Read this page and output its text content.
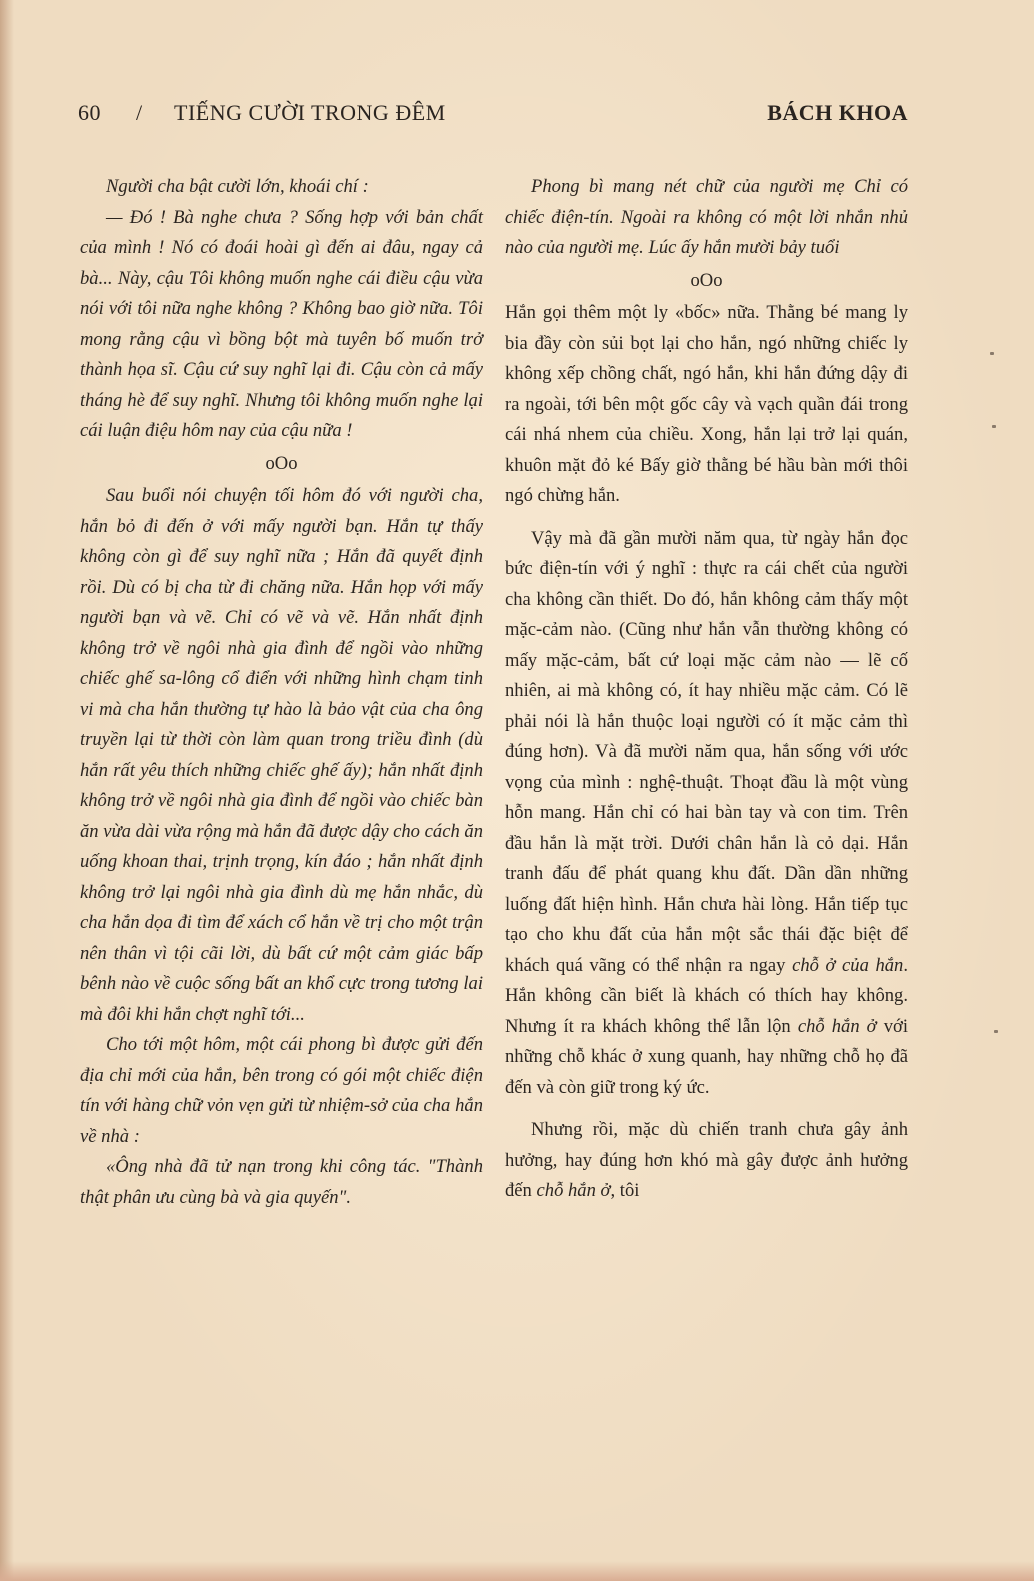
60 / TIẾNG CƯỜI TRONG ĐÊM	BÁCH KHOA

Người cha bật cười lớn, khoái chí :

— Đó ! Bà nghe chưa ? Sống hợp với bản chất của mình ! Nó có đoái hoài gì đến ai đâu, ngay cả bà... Này, cậu Tôi không muốn nghe cái điều cậu vừa nói với tôi nữa nghe không ? Không bao giờ nữa. Tôi mong rằng cậu vì bồng bột mà tuyên bố muốn trở thành họa sĩ. Cậu cứ suy nghĩ lại đi. Cậu còn cả mấy tháng hè để suy nghĩ. Nhưng tôi không muốn nghe lại cái luận điệu hôm nay của cậu nữa !

oOo

Sau buổi nói chuyện tối hôm đó với người cha, hắn bỏ đi đến ở với mấy người bạn. Hắn tự thấy không còn gì để suy nghĩ nữa ; Hắn đã quyết định rồi. Dù có bị cha từ đi chăng nữa. Hắn họp với mấy người bạn và vẽ. Chỉ có vẽ và vẽ. Hắn nhất định không trở về ngôi nhà gia đình để ngồi vào những chiếc ghế sa-lông cổ điển với những hình chạm tinh vi mà cha hắn thường tự hào là bảo vật của cha ông truyền lại từ thời còn làm quan trong triều đình (dù hắn rất yêu thích những chiếc ghế ấy); hắn nhất định không trở về ngôi nhà gia đình để ngồi vào chiếc bàn ăn vừa dài vừa rộng mà hắn đã được dậy cho cách ăn uống khoan thai, trịnh trọng, kín đáo ; hắn nhất định không trở lại ngôi nhà gia đình dù mẹ hắn nhắc, dù cha hắn dọa đi tìm để xách cổ hắn về trị cho một trận nên thân vì tội cãi lời, dù bất cứ một cảm giác bấp bênh nào về cuộc sống bất an khổ cực trong tương lai mà đôi khi hắn chợt nghĩ tới...

Cho tới một hôm, một cái phong bì được gửi đến địa chỉ mới của hắn, bên trong có gói một chiếc điện tín với hàng chữ vỏn vẹn gửi từ nhiệm-sở của cha hắn về nhà :

«Ông nhà đã tử nạn trong khi công tác. "Thành thật phân ưu cùng bà và gia quyến".

Phong bì mang nét chữ của người mẹ Chỉ có chiếc điện-tín. Ngoài ra không có một lời nhắn nhủ nào của người mẹ. Lúc ấy hắn mười bảy tuổi

oOo

Hắn gọi thêm một ly «bốc» nữa. Thằng bé mang ly bia đầy còn sủi bọt lại cho hắn, ngó những chiếc ly không xếp chồng chất, ngó hắn, khi hắn đứng dậy đi ra ngoài, tới bên một gốc cây và vạch quần đái trong cái nhá nhem của chiều. Xong, hắn lại trở lại quán, khuôn mặt đỏ ké Bấy giờ thằng bé hầu bàn mới thôi ngó chừng hắn.

Vậy mà đã gần mười năm qua, từ ngày hắn đọc bức điện-tín với ý nghĩ : thực ra cái chết của người cha không cần thiết. Do đó, hắn không cảm thấy một mặc-cảm nào. (Cũng như hắn vẫn thường không có mấy mặc-cảm, bất cứ loại mặc cảm nào — lẽ cố nhiên, ai mà không có, ít hay nhiều mặc cảm. Có lẽ phải nói là hắn thuộc loại người có ít mặc cảm thì đúng hơn). Và đã mười năm qua, hắn sống với ước vọng của mình : nghệ-thuật. Thoạt đầu là một vùng hỗn mang. Hắn chỉ có hai bàn tay và con tim. Trên đầu hắn là mặt trời. Dưới chân hắn là cỏ dại. Hắn tranh đấu để phát quang khu đất. Dần dần những luống đất hiện hình. Hắn chưa hài lòng. Hắn tiếp tục tạo cho khu đất của hắn một sắc thái đặc biệt để khách quá vãng có thể nhận ra ngay chỗ ở của hắn. Hắn không cần biết là khách có thích hay không. Nhưng ít ra khách không thể lẫn lộn chỗ hắn ở với những chỗ khác ở xung quanh, hay những chỗ họ đã đến và còn giữ trong ký ức.

Nhưng rồi, mặc dù chiến tranh chưa gây ảnh hưởng, hay đúng hơn khó mà gây được ảnh hưởng đến chỗ hắn ở, tôi
